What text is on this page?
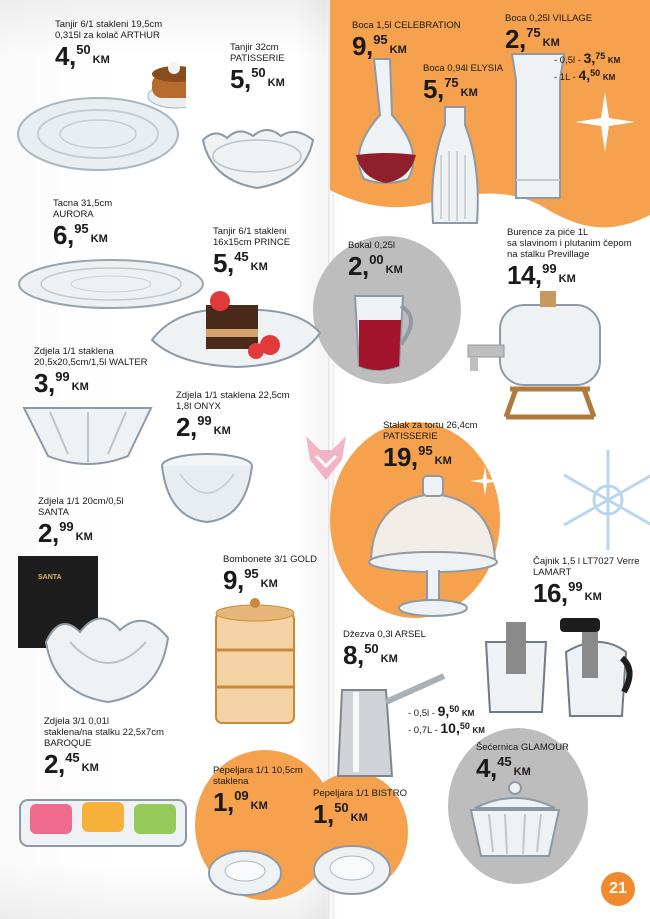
SANTA
Tanjir 6/1 stakleni 19,5cm
0,315l za kolač ARTHUR
4,50KM
Tanjir 32cm
PATISSERIE
5,50KM
Tacna 31,5cm
AURORA
6,95KM
Tanjir 6/1 stakleni
16x15cm PRINCE
5,45KM
Zdjela 1/1 staklena
20,5x20,5cm/1,5l WALTER
3,99KM
Zdjela 1/1 staklena 22,5cm
1,8l ONYX
2,99KM
Zdjela 1/1 20cm/0,5l
SANTA
2,99KM
Bombonete 3/1 GOLD
9,95KM
Zdjela 3/1 0,01l
staklena/na stalku 22,5x7cm
BAROQUE
2,45KM	Pepeljara 1/1 10,5cm
staklena
1,09KM
Pepeljara 1/1 BISTRO
1,50KM
Boca 1,5l CELEBRATION
9,95KM
Boca 0,94l ELYSIA
5,75KM
Boca 0,25l VILLAGE
2,75KM
- 0,5l - 3,75 KM
- 1L - 4,50 KM
Bokal 0,25l
2,00KM
Burence za piće 1L
sa slavinom i plutanim čepom
na stalku Previllage
14,99KM
Stalak za tortu 26,4cm
PATISSERIE
19,95KM
Čajnik 1,5 l LT7027 Verre
LAMART
16,99KM
Džezva 0,3l ARSEL
8,50KM
- 0,5l - 9,50 KM
- 0,7L - 10,50 KM
Šećernica GLAMOUR
4,45KM
21
